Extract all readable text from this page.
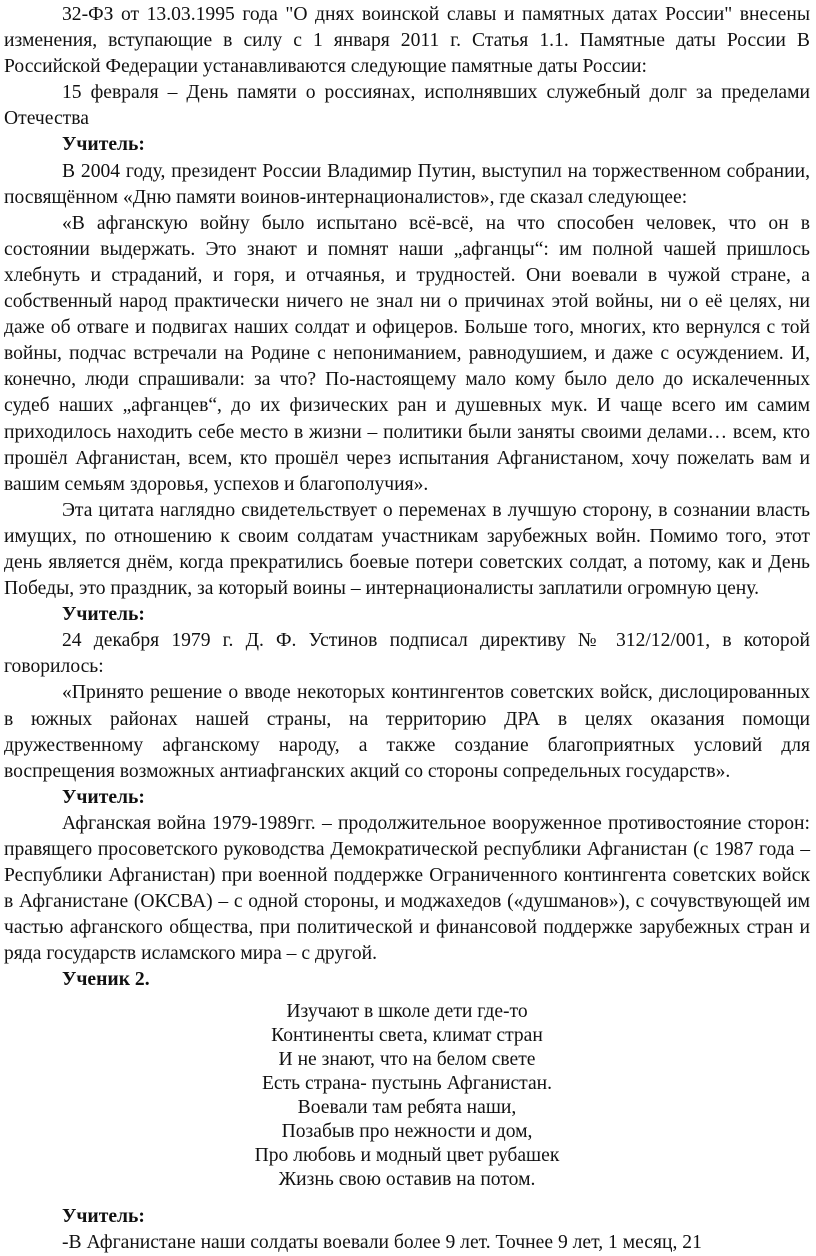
32-ФЗ от 13.03.1995 года "О днях воинской славы и памятных датах России" внесены изменения, вступающие в силу с 1 января 2011 г. Статья 1.1. Памятные даты России В Российской Федерации устанавливаются следующие памятные даты России:

15 февраля – День памяти о россиянах, исполнявших служебный долг за пределами Отечества

Учитель:

В 2004 году, президент России Владимир Путин, выступил на торжественном собрании, посвящённом «Дню памяти воинов-интернационалистов», где сказал следующее:

«В афганскую войну было испытано всё-всё, на что способен человек, что он в состоянии выдержать. Это знают и помнят наши „афганцы“: им полной чашей пришлось хлебнуть и страданий, и горя, и отчаянья, и трудностей. Они воевали в чужой стране, а собственный народ практически ничего не знал ни о причинах этой войны, ни о её целях, ни даже об отваге и подвигах наших солдат и офицеров. Больше того, многих, кто вернулся с той войны, подчас встречали на Родине с непониманием, равнодушием, и даже с осуждением. И, конечно, люди спрашивали: за что? По-настоящему мало кому было дело до искалеченных судеб наших „афганцев“, до их физических ран и душевных мук. И чаще всего им самим приходилось находить себе место в жизни – политики были заняты своими делами… всем, кто прошёл Афганистан, всем, кто прошёл через испытания Афганистаном, хочу пожелать вам и вашим семьям здоровья, успехов и благополучия».

Эта цитата наглядно свидетельствует о переменах в лучшую сторону, в сознании власть имущих, по отношению к своим солдатам участникам зарубежных войн. Помимо того, этот день является днём, когда прекратились боевые потери советских солдат, а потому, как и День Победы, это праздник, за который воины – интернационалисты заплатили огромную цену.

Учитель:

24 декабря 1979 г. Д. Ф. Устинов подписал директиву № 312/12/001, в которой говорилось:

«Принято решение о вводе некоторых контингентов советских войск, дислоцированных в южных районах нашей страны, на территорию ДРА в целях оказания помощи дружественному афганскому народу, а также создание благоприятных условий для воспрещения возможных антиафганских акций со стороны сопредельных государств».

Учитель:

Афганская война 1979-1989гг. – продолжительное вооруженное противостояние сторон: правящего просоветского руководства Демократической республики Афганистан (с 1987 года – Республики Афганистан) при военной поддержке Ограниченного контингента советских войск в Афганистане (ОКСВА) – с одной стороны, и моджахедов («душманов»), с сочувствующей им частью афганского общества, при политической и финансовой поддержке зарубежных стран и ряда государств исламского мира – с другой.

Ученик 2.

Изучают в школе дети где-то
Континенты света, климат стран
И не знают, что на белом свете
Есть страна- пустынь Афганистан.
Воевали там ребята наши,
Позабыв про нежности и дом,
Про любовь и модный цвет рубашек
Жизнь свою оставив на потом.

Учитель:

-В Афганистане наши солдаты воевали более 9 лет. Точнее 9 лет, 1 месяц, 21
